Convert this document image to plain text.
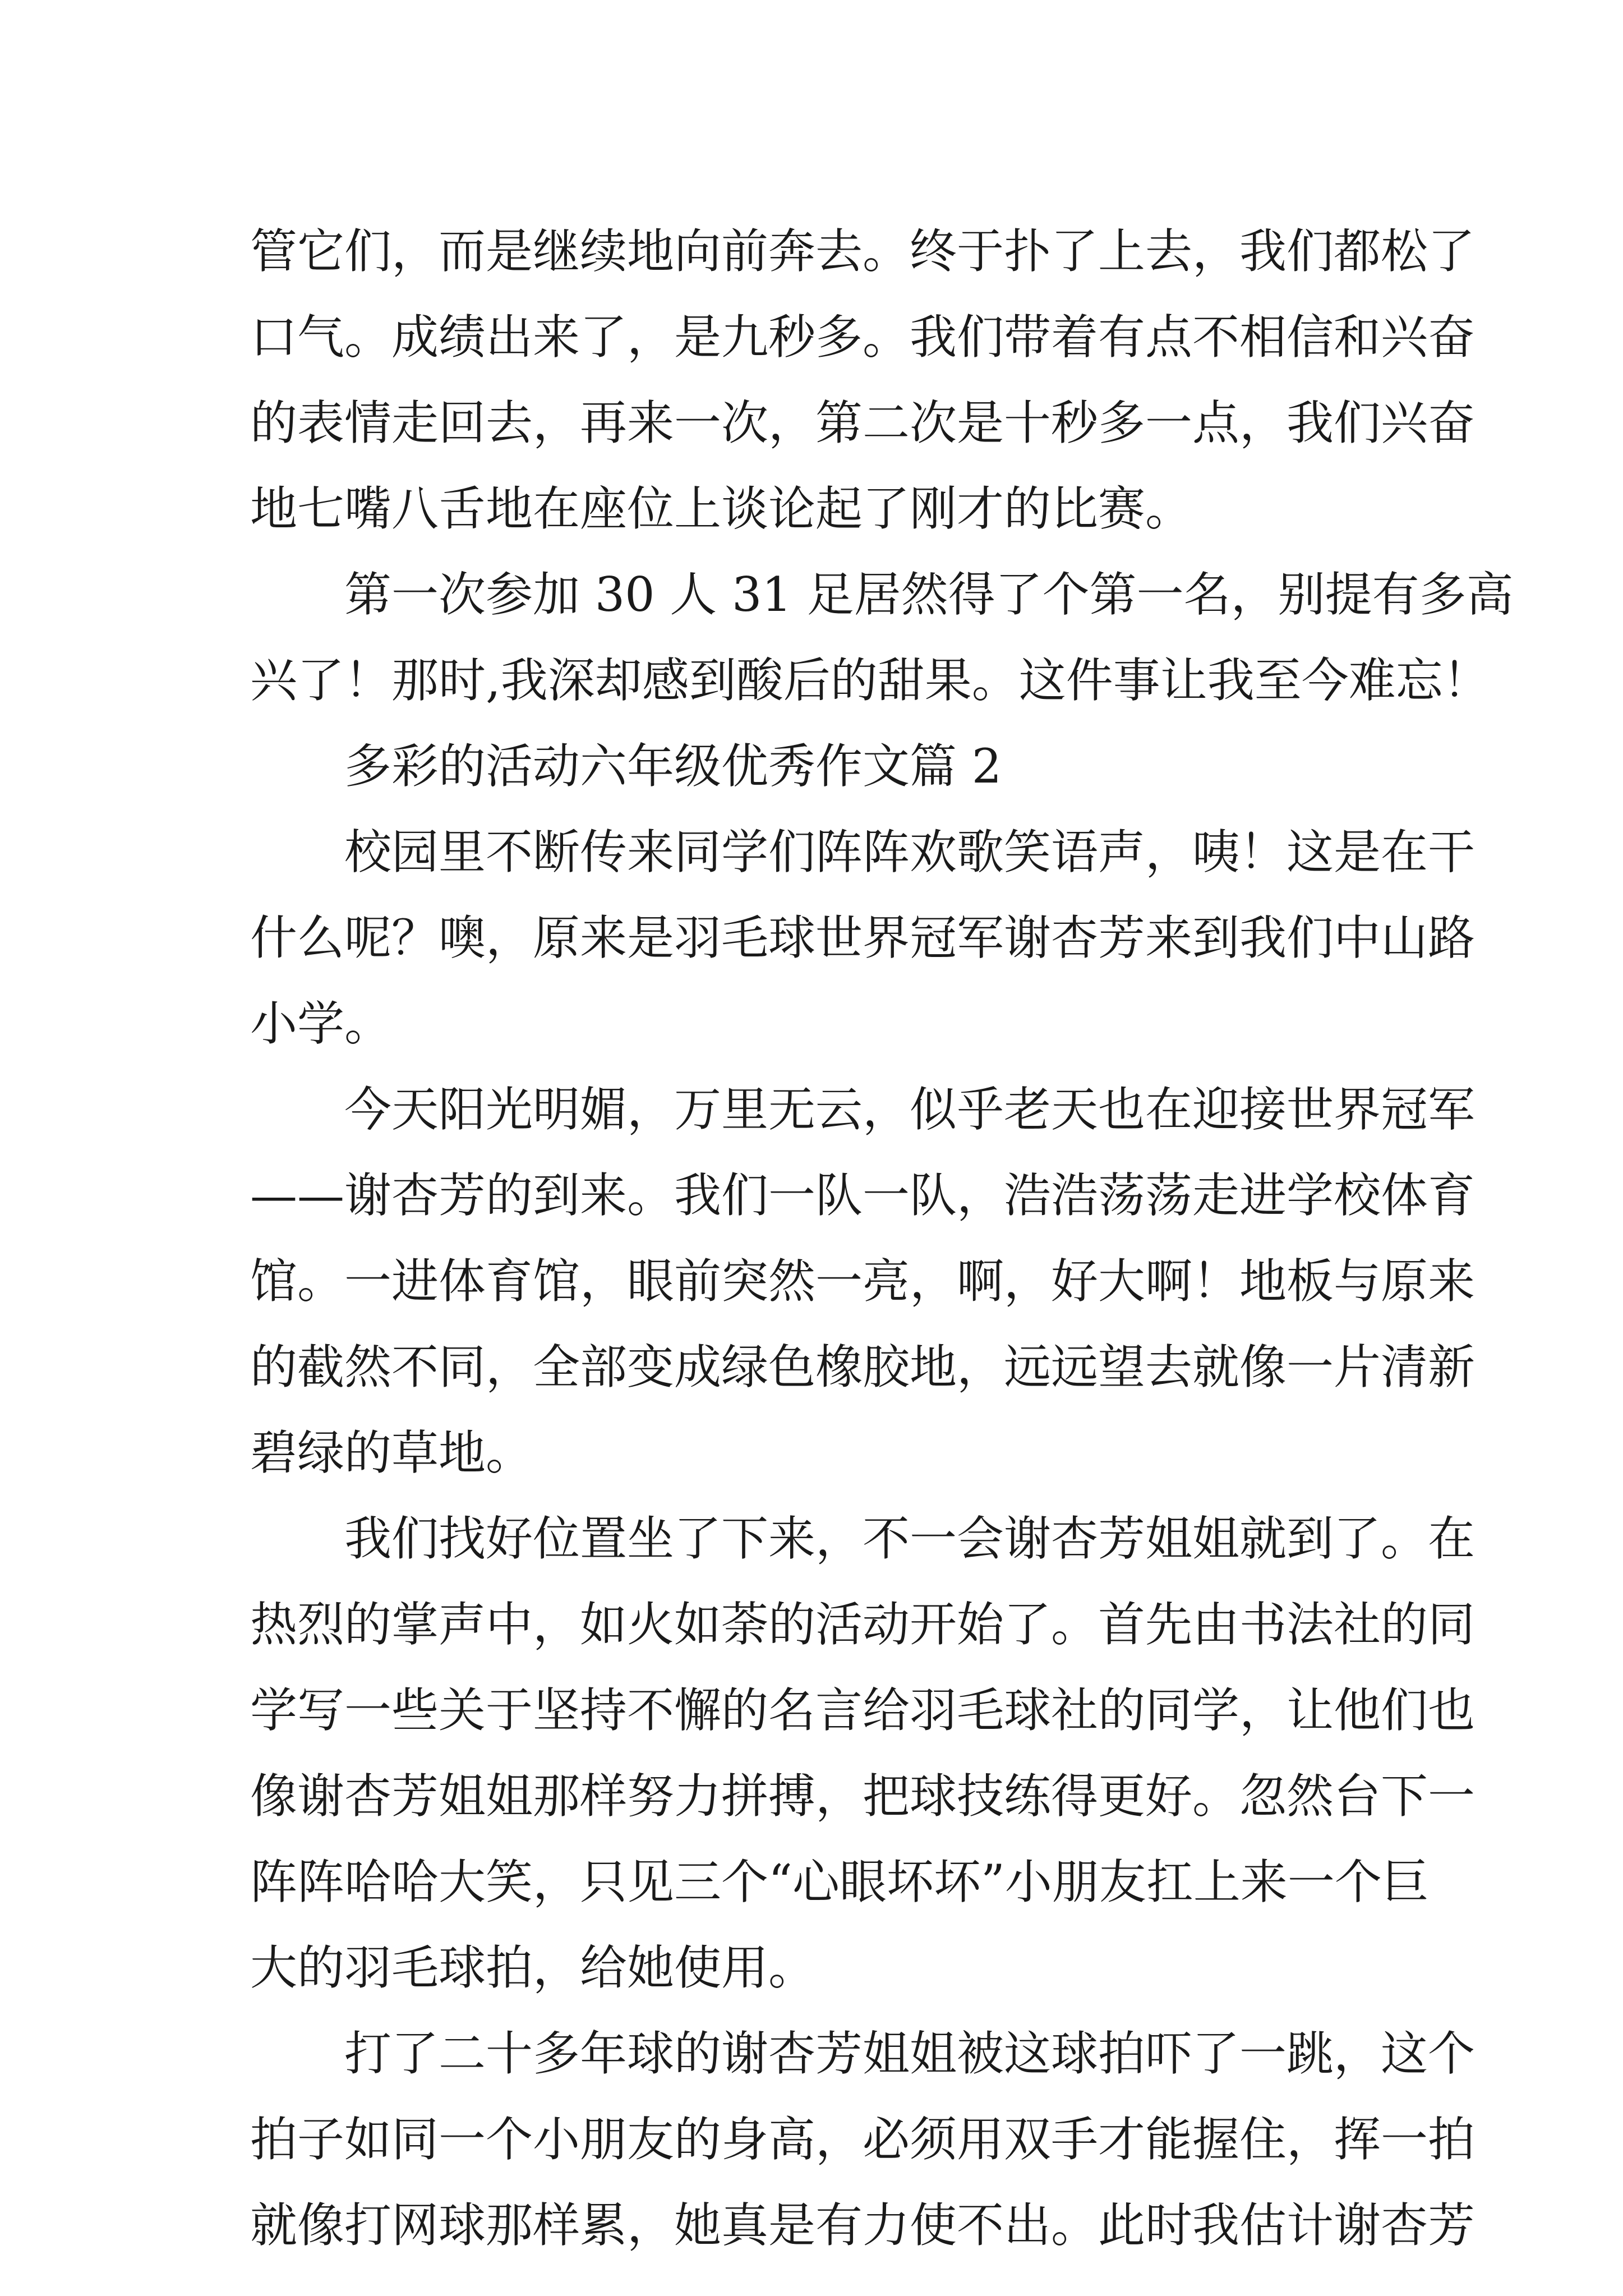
管它们，而是继续地向前奔去。终于扑了上去，我们都松了
口气。成绩出来了，是九秒多。我们带着有点不相信和兴奋
的表情走回去，再来一次，第二次是十秒多一点，我们兴奋
地七嘴八舌地在座位上谈论起了刚才的比赛。
第一次参加 30 人 31 足居然得了个第一名，别提有多高
兴了！那时,我深却感到酸后的甜果。这件事让我至今难忘！
多彩的活动六年级优秀作文篇 2
校园里不断传来同学们阵阵欢歌笑语声，咦！这是在干
什么呢？噢，原来是羽毛球世界冠军谢杏芳来到我们中山路
小学。
今天阳光明媚，万里无云，似乎老天也在迎接世界冠军
——谢杏芳的到来。我们一队一队，浩浩荡荡走进学校体育
馆。一进体育馆，眼前突然一亮，啊，好大啊！地板与原来
的截然不同，全部变成绿色橡胶地，远远望去就像一片清新
碧绿的草地。
我们找好位置坐了下来，不一会谢杏芳姐姐就到了。在
热烈的掌声中，如火如荼的活动开始了。首先由书法社的同
学写一些关于坚持不懈的名言给羽毛球社的同学，让他们也
像谢杏芳姐姐那样努力拼搏，把球技练得更好。忽然台下一
阵阵哈哈大笑，只见三个“心眼坏坏”小朋友扛上来一个巨
大的羽毛球拍，给她使用。
打了二十多年球的谢杏芳姐姐被这球拍吓了一跳，这个
拍子如同一个小朋友的身高，必须用双手才能握住，挥一拍
就像打网球那样累，她真是有力使不出。此时我估计谢杏芳
